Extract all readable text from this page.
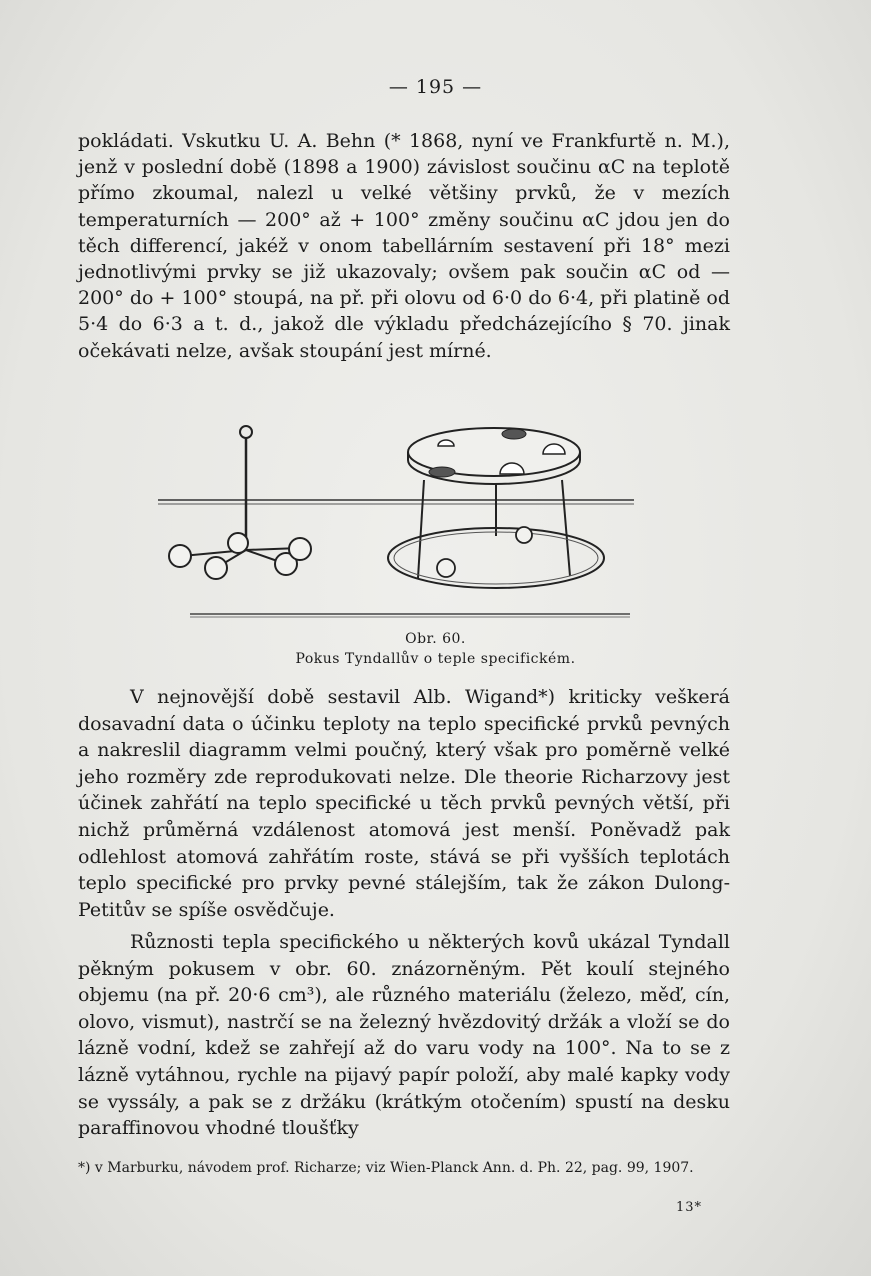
— 195 —

pokládati. Vskutku U. A. Behn (* 1868, nyní ve Frankfurtě n. M.), jenž v poslední době (1898 a 1900) závislost součinu αC na teplotě přímo zkoumal, nalezl u velké většiny prvků, že v mezích temperaturních — 200° až + 100° změny součinu αC jdou jen do těch differencí, jakéž v onom tabellárním sestavení při 18° mezi jednotlivými prvky se již ukazovaly; ovšem pak součin αC od — 200° do + 100° stoupá, na př. při olovu od 6·0 do 6·4, při platině od 5·4 do 6·3 a t. d., jakož dle výkladu předcházejícího § 70. jinak očekávati nelze, avšak stoupání jest mírné.

Obr. 60.
Pokus Tyndallův o teple specifickém.

V nejnovější době sestavil Alb. Wigand*) kriticky veškerá dosavadní data o účinku teploty na teplo specifické prvků pevných a nakreslil diagramm velmi poučný, který však pro poměrně velké jeho rozměry zde reprodukovati nelze. Dle theorie Richarzovy jest účinek zahřátí na teplo specifické u těch prvků pevných větší, při nichž průměrná vzdálenost atomová jest menší. Poněvadž pak odlehlost atomová zahřátím roste, stává se při vyšších teplotách teplo specifické pro prvky pevné stálejším, tak že zákon Dulong-Petitův se spíše osvědčuje.

Různosti tepla specifického u některých kovů ukázal Tyndall pěkným pokusem v obr. 60. znázorněným. Pět koulí stejného objemu (na př. 20·6 cm³), ale různého materiálu (železo, měď, cín, olovo, vismut), nastrčí se na železný hvězdovitý držák a vloží se do lázně vodní, kdež se zahřejí až do varu vody na 100°. Na to se z lázně vytáhnou, rychle na pijavý papír položí, aby malé kapky vody se vyssály, a pak se z držáku (krátkým otočením) spustí na desku paraffinovou vhodné tloušťky

*) v Marburku, návodem prof. Richarze; viz Wien-Planck Ann. d. Ph. 22, pag. 99, 1907.

13*
